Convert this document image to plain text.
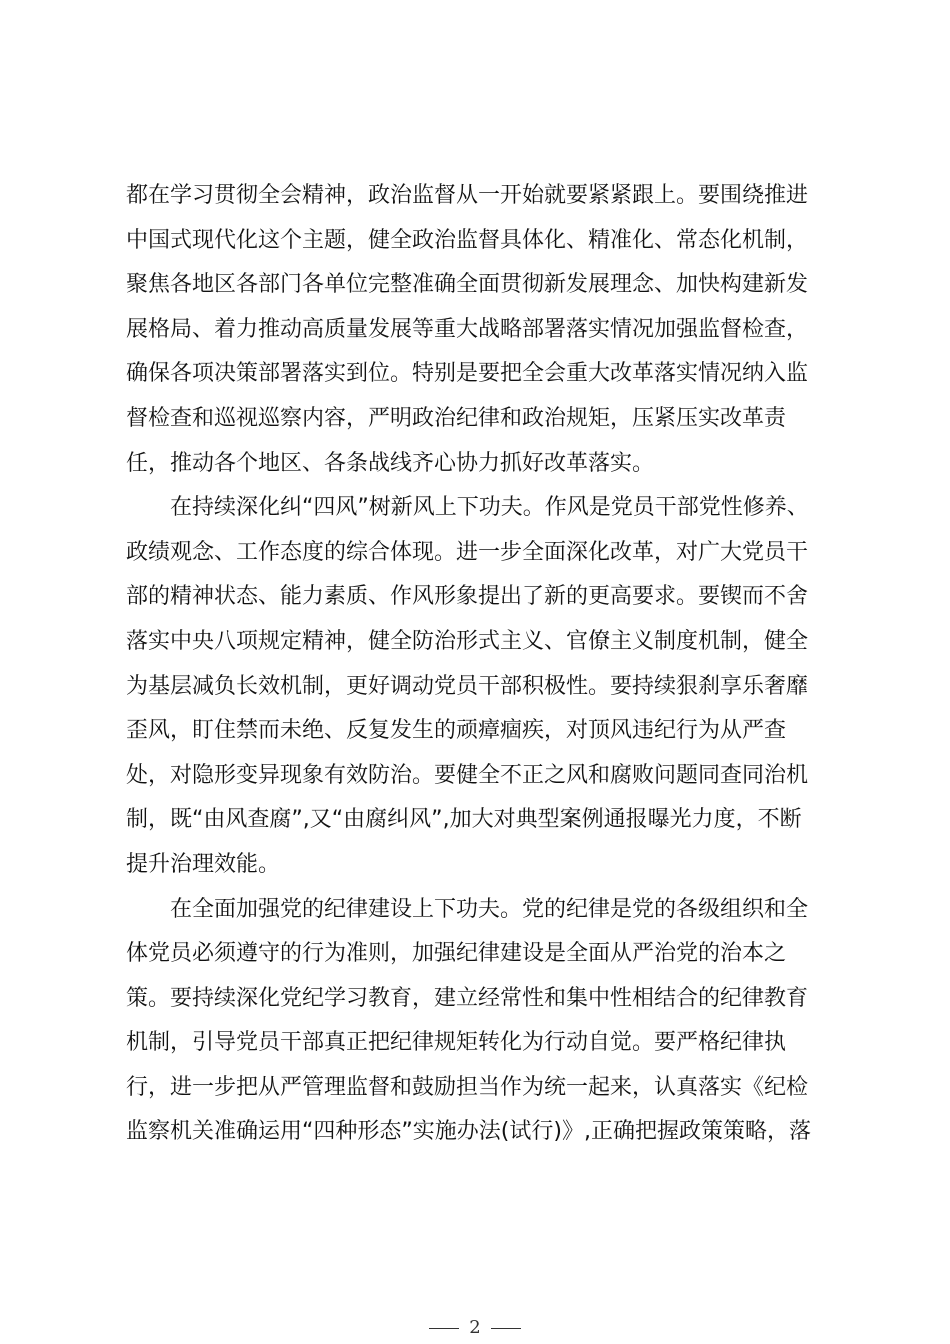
都在学习贯彻全会精神，政治监督从一开始就要紧紧跟上。要围绕推进
中国式现代化这个主题，健全政治监督具体化、精准化、常态化机制，
聚焦各地区各部门各单位完整准确全面贯彻新发展理念、加快构建新发
展格局、着力推动高质量发展等重大战略部署落实情况加强监督检查，
确保各项决策部署落实到位。特别是要把全会重大改革落实情况纳入监
督检查和巡视巡察内容，严明政治纪律和政治规矩，压紧压实改革责
任，推动各个地区、各条战线齐心协力抓好改革落实。
在持续深化纠“四风”树新风上下功夫。作风是党员干部党性修养、
政绩观念、工作态度的综合体现。进一步全面深化改革，对广大党员干
部的精神状态、能力素质、作风形象提出了新的更高要求。要锲而不舍
落实中央八项规定精神，健全防治形式主义、官僚主义制度机制，健全
为基层减负长效机制，更好调动党员干部积极性。要持续狠刹享乐奢靡
歪风，盯住禁而未绝、反复发生的顽瘴痼疾，对顶风违纪行为从严查
处，对隐形变异现象有效防治。要健全不正之风和腐败问题同查同治机
制，既“由风查腐”,又“由腐纠风”,加大对典型案例通报曝光力度，不断
提升治理效能。
在全面加强党的纪律建设上下功夫。党的纪律是党的各级组织和全
体党员必须遵守的行为准则，加强纪律建设是全面从严治党的治本之
策。要持续深化党纪学习教育，建立经常性和集中性相结合的纪律教育
机制，引导党员干部真正把纪律规矩转化为行动自觉。要严格纪律执
行，进一步把从严管理监督和鼓励担当作为统一起来，认真落实《纪检
监察机关准确运用“四种形态”实施办法(试行)》,正确把握政策策略，落
2
